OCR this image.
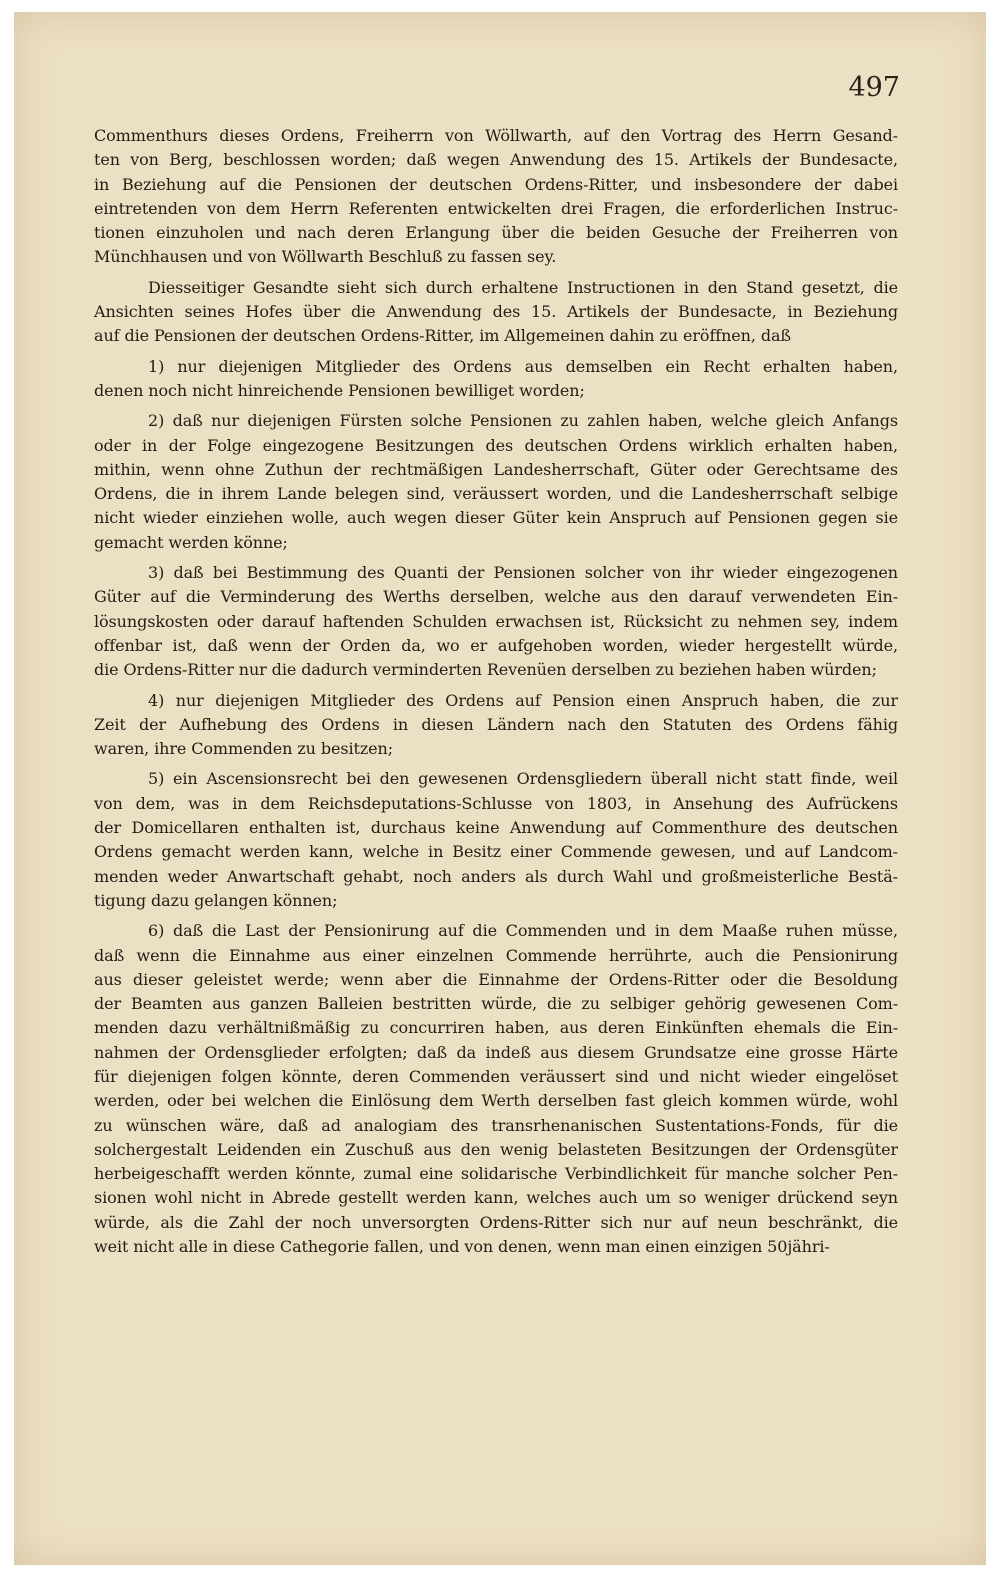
497
Commenthurs dieses Ordens, Freiherrn von Wöllwarth, auf den Vortrag des Herrn Gesand-
ten von Berg, beschlossen worden; daß wegen Anwendung des 15. Artikels der Bundesacte,
in Beziehung auf die Pensionen der deutschen Ordens-Ritter, und insbesondere der dabei
eintretenden von dem Herrn Referenten entwickelten drei Fragen, die erforderlichen Instruc-
tionen einzuholen und nach deren Erlangung über die beiden Gesuche der Freiherren von
Münchhausen und von Wöllwarth Beschluß zu fassen sey.
Diesseitiger Gesandte sieht sich durch erhaltene Instructionen in den Stand gesetzt, die
Ansichten seines Hofes über die Anwendung des 15. Artikels der Bundesacte, in Beziehung
auf die Pensionen der deutschen Ordens-Ritter, im Allgemeinen dahin zu eröffnen, daß
1) nur diejenigen Mitglieder des Ordens aus demselben ein Recht erhalten haben,
denen noch nicht hinreichende Pensionen bewilliget worden;
2) daß nur diejenigen Fürsten solche Pensionen zu zahlen haben, welche gleich Anfangs
oder in der Folge eingezogene Besitzungen des deutschen Ordens wirklich erhalten haben,
mithin, wenn ohne Zuthun der rechtmäßigen Landesherrschaft, Güter oder Gerechtsame des
Ordens, die in ihrem Lande belegen sind, veräussert worden, und die Landesherrschaft selbige
nicht wieder einziehen wolle, auch wegen dieser Güter kein Anspruch auf Pensionen gegen sie
gemacht werden könne;
3) daß bei Bestimmung des Quanti der Pensionen solcher von ihr wieder eingezogenen
Güter auf die Verminderung des Werths derselben, welche aus den darauf verwendeten Ein-
lösungskosten oder darauf haftenden Schulden erwachsen ist, Rücksicht zu nehmen sey, indem
offenbar ist, daß wenn der Orden da, wo er aufgehoben worden, wieder hergestellt würde,
die Ordens-Ritter nur die dadurch verminderten Revenüen derselben zu beziehen haben würden;
4) nur diejenigen Mitglieder des Ordens auf Pension einen Anspruch haben, die zur
Zeit der Aufhebung des Ordens in diesen Ländern nach den Statuten des Ordens fähig
waren, ihre Commenden zu besitzen;
5) ein Ascensionsrecht bei den gewesenen Ordensgliedern überall nicht statt finde, weil
von dem, was in dem Reichsdeputations-Schlusse von 1803, in Ansehung des Aufrückens
der Domicellaren enthalten ist, durchaus keine Anwendung auf Commenthure des deutschen
Ordens gemacht werden kann, welche in Besitz einer Commende gewesen, und auf Landcom-
menden weder Anwartschaft gehabt, noch anders als durch Wahl und großmeisterliche Bestä-
tigung dazu gelangen können;
6) daß die Last der Pensionirung auf die Commenden und in dem Maaße ruhen müsse,
daß wenn die Einnahme aus einer einzelnen Commende herrührte, auch die Pensionirung
aus dieser geleistet werde; wenn aber die Einnahme der Ordens-Ritter oder die Besoldung
der Beamten aus ganzen Balleien bestritten würde, die zu selbiger gehörig gewesenen Com-
menden dazu verhältnißmäßig zu concurriren haben, aus deren Einkünften ehemals die Ein-
nahmen der Ordensglieder erfolgten; daß da indeß aus diesem Grundsatze eine grosse Härte
für diejenigen folgen könnte, deren Commenden veräussert sind und nicht wieder eingelöset
werden, oder bei welchen die Einlösung dem Werth derselben fast gleich kommen würde, wohl
zu wünschen wäre, daß ad analogiam des transrhenanischen Sustentations-Fonds, für die
solchergestalt Leidenden ein Zuschuß aus den wenig belasteten Besitzungen der Ordensgüter
herbeigeschafft werden könnte, zumal eine solidarische Verbindlichkeit für manche solcher Pen-
sionen wohl nicht in Abrede gestellt werden kann, welches auch um so weniger drückend seyn
würde, als die Zahl der noch unversorgten Ordens-Ritter sich nur auf neun beschränkt, die
weit nicht alle in diese Cathegorie fallen, und von denen, wenn man einen einzigen 50jähri-
